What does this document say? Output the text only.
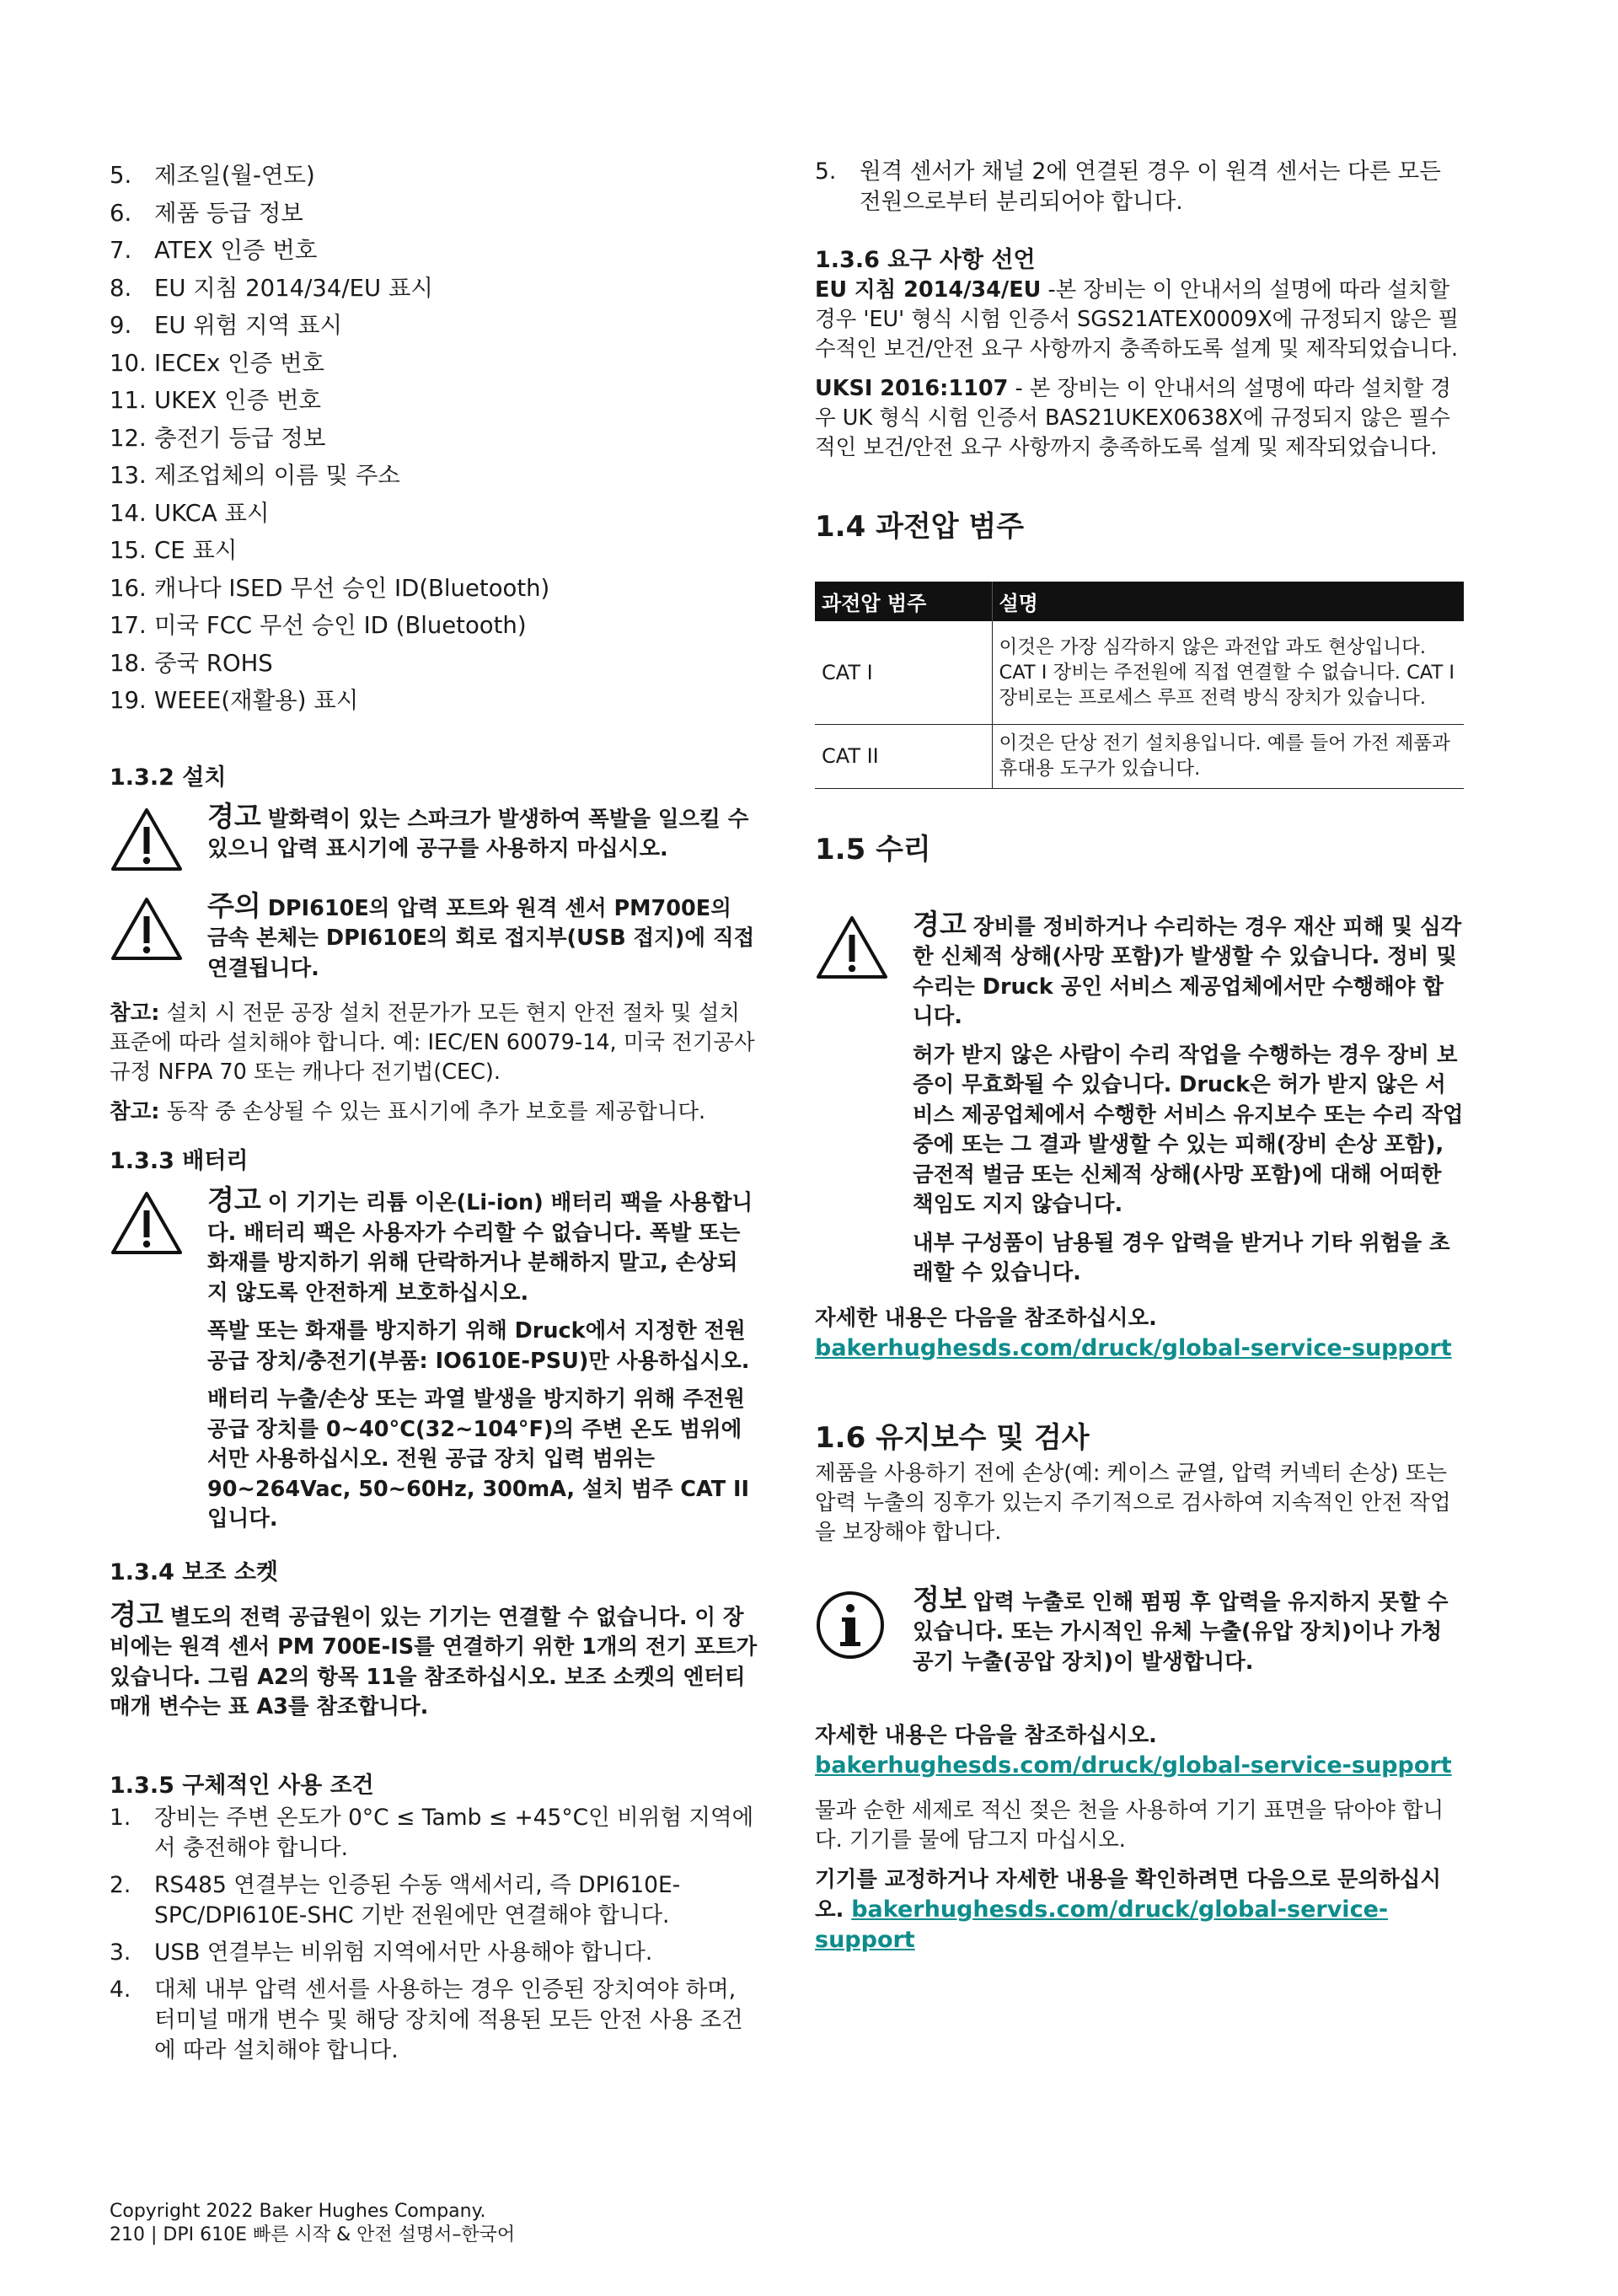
5. 제조일(월-연도)
6. 제품 등급 정보
7. ATEX 인증 번호
8. EU 지침 2014/34/EU 표시
9. EU 위험 지역 표시
10. IECEx 인증 번호
11. UKEX 인증 번호
12. 충전기 등급 정보
13. 제조업체의 이름 및 주소
14. UKCA 표시
15. CE 표시
16. 캐나다 ISED 무선 승인 ID(Bluetooth)
17. 미국 FCC 무선 승인 ID (Bluetooth)
18. 중국 ROHS
19. WEEE(재활용) 표시
1.3.2 설치
경고 발화력이 있는 스파크가 발생하여 폭발을 일으킬 수 있으니 압력 표시기에 공구를 사용하지 마십시오.
주의 DPI610E의 압력 포트와 원격 센서 PM700E의 금속 본체는 DPI610E의 회로 접지부(USB 접지)에 직접 연결됩니다.

참고: 설치 시 전문 공장 설치 전문가가 모든 현지 안전 절차 및 설치 표준에 따라 설치해야 합니다. 예: IEC/EN 60079-14, 미국 전기공사규정 NFPA 70 또는 캐나다 전기법(CEC).

참고: 동작 중 손상될 수 있는 표시기에 추가 보호를 제공합니다.

1.3.3 배터리

경고 이 기기는 리튬 이온(Li-ion) 배터리 팩을 사용합니다. 배터리 팩은 사용자가 수리할 수 없습니다. 폭발 또는 화재를 방지하기 위해 단락하거나 분해하지 말고, 손상되지 않도록 안전하게 보호하십시오.

폭발 또는 화재를 방지하기 위해 Druck에서 지정한 전원 공급 장치/충전기(부품: IO610E-PSU)만 사용하십시오.

배터리 누출/손상 또는 과열 발생을 방지하기 위해 주전원 공급 장치를 0~40°C(32~104°F)의 주변 온도 범위에서만 사용하십시오. 전원 공급 장치 입력 범위는 90~264Vac, 50~60Hz, 300mA, 설치 범주 CAT II입니다.

1.3.4 보조 소켓
경고 별도의 전력 공급원이 있는 기기는 연결할 수 없습니다. 이 장비에는 원격 센서 PM 700E-IS를 연결하기 위한 1개의 전기 포트가 있습니다. 그림 A2의 항목 11을 참조하십시오. 보조 소켓의 엔터티 매개 변수는 표 A3를 참조합니다.
1.3.5 구체적인 사용 조건
1.	장비는 주변 온도가 0°C ≤ Tamb ≤ +45°C인 비위험 지역에서 충전해야 합니다.
2.	RS485 연결부는 인증된 수동 액세서리, 즉 DPI610E-SPC/DPI610E-SHC 기반 전원에만 연결해야 합니다.
3.	USB 연결부는 비위험 지역에서만 사용해야 합니다.
4.	대체 내부 압력 센서를 사용하는 경우 인증된 장치여야 하며, 터미널 매개 변수 및 해당 장치에 적용된 모든 안전 사용 조건에 따라 설치해야 합니다.
5.	원격 센서가 채널 2에 연결된 경우 이 원격 센서는 다른 모든 전원으로부터 분리되어야 합니다.
1.3.6 요구 사항 선언

EU 지침 2014/34/EU -본 장비는 이 안내서의 설명에 따라 설치할 경우 'EU' 형식 시험 인증서 SGS21ATEX0009X에 규정되지 않은 필수적인 보건/안전 요구 사항까지 충족하도록 설계 및 제작되었습니다.

UKSI 2016:1107 - 본 장비는 이 안내서의 설명에 따라 설치할 경우 UK 형식 시험 인증서 BAS21UKEX0638X에 규정되지 않은 필수적인 보건/안전 요구 사항까지 충족하도록 설계 및 제작되었습니다.

1.4 과전압 범주
과전압 범주	설명
CAT I	이것은 가장 심각하지 않은 과전압 과도 현상입니다. CAT I 장비는 주전원에 직접 연결할 수 없습니다. CAT I 장비로는 프로세스 루프 전력 방식 장치가 있습니다.
CAT II	이것은 단상 전기 설치용입니다. 예를 들어 가전 제품과 휴대용 도구가 있습니다.
1.5 수리

경고 장비를 정비하거나 수리하는 경우 재산 피해 및 심각한 신체적 상해(사망 포함)가 발생할 수 있습니다. 정비 및 수리는 Druck 공인 서비스 제공업체에서만 수행해야 합니다.

허가 받지 않은 사람이 수리 작업을 수행하는 경우 장비 보증이 무효화될 수 있습니다. Druck은 허가 받지 않은 서비스 제공업체에서 수행한 서비스 유지보수 또는 수리 작업 중에 또는 그 결과 발생할 수 있는 피해(장비 손상 포함), 금전적 벌금 또는 신체적 상해(사망 포함)에 대해 어떠한 책임도 지지 않습니다.

내부 구성품이 남용될 경우 압력을 받거나 기타 위험을 초래할 수 있습니다.

자세한 내용은 다음을 참조하십시오.

bakerhughesds.com/druck/global-service-support
1.6 유지보수 및 검사

제품을 사용하기 전에 손상(예: 케이스 균열, 압력 커넥터 손상) 또는 압력 누출의 징후가 있는지 주기적으로 검사하여 지속적인 안전 작업을 보장해야 합니다.

정보 압력 누출로 인해 펌핑 후 압력을 유지하지 못할 수 있습니다. 또는 가시적인 유체 누출(유압 장치)이나 가청 공기 누출(공압 장치)이 발생합니다.

자세한 내용은 다음을 참조하십시오.

bakerhughesds.com/druck/global-service-support

물과 순한 세제로 적신 젖은 천을 사용하여 기기 표면을 닦아야 합니다. 기기를 물에 담그지 마십시오.

기기를 교정하거나 자세한 내용을 확인하려면 다음으로 문의하십시오. bakerhughesds.com/druck/global-service-support

Copyright 2022 Baker Hughes Company.
210 | DPI 610E 빠른 시작 & 안전 설명서–한국어
